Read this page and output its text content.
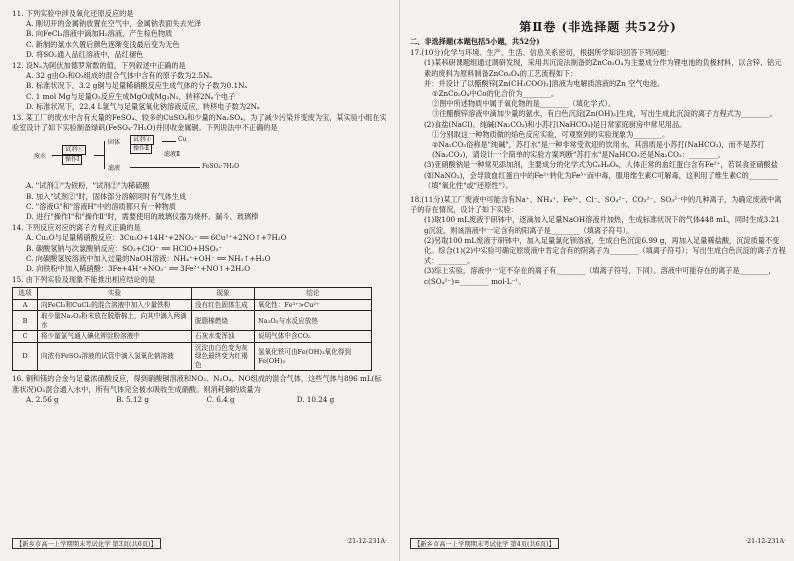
11. 下列实验中涉及氧化还原反应的是

A. 刚切开的金属钠放置在空气中，金属钠表面失去光泽

B. 向FeCl₃溶液中滴加H₂溶液，产生棕色物质

C. 新制的氯水久置后颜色逐渐变浅最后变为无色

D. 将SO₂通入品红溶液中，品红褪色

12. 设Nₐ为阿伏加德罗常数的值，下列叙述中正确的是

A. 32 g由O₂和O₃组成的混合气体中含有的原子数为2.5Nₐ

B. 标准状况下，3.2 g铜与足量稀硝酸反应生成气体的分子数为0.1Nₐ

C. 1 mol Mg与足量O₂反应生成MgO或Mg₃N₂，转移2Nₐ个电子

D. 标准状况下，22.4 L氯气与足量氢氧化钠溶液反应，转移电子数为2Nₐ

13. 某工厂的废水中含有大量的FeSO₄、较多的CuSO₄和少量的Na₂SO₄。为了减少污染并变废为宝，某实验小组在实验室设计了如下实验制备绿矾(FeSO₄·7H₂O)并回收金属铜。下列说法中不正确的是

废水
试剂①
操作Ⅰ
固体
滤液
试剂②
操作Ⅱ
Cu
滤液Ⅱ
FeSO₄·7H₂O

A. "试剂①"为铁粉，"试剂②"为稀硫酸

B. 加入"试剂②"时，固体部分溶解同时有气体生成

C. "溶液G"和"溶液H"中的溶质都只有一种物质

D. 进行"操作Ⅰ"和"操作Ⅱ"时，需要使用的玻璃仪器为烧杯、漏斗、玻璃棒

14. 下列反应对应的离子方程式正确的是

A. Cu₂O与足量稀硝酸反应：3Cu₂O+14H⁺+2NO₃⁻ ══ 6Cu²⁺+2NO↑+7H₂O

B. 碳酸氢钠与次氯酸钠反应：SO₂+ClO⁻ ══ HClO+HSO₃⁻

C. 向碳酸氢铵溶液中加入过量的NaOH溶液：NH₄⁺+OH⁻ ══ NH₃↑+H₂O

D. 向铁粉中加入稀硝酸：3Fe+4H⁺+NO₃⁻ ══ 3Fe²⁺+NO↑+2H₂O

15. 由下列实验及现象不能推出相应结论的是

选项	实验	现象	结论
A	向FeCl₃和CuCl₂的混合溶液中加入少量铁粉	没有红色固体生成	氧化性：Fe³⁺>Cu²⁺
B	取少量Na₂O₂粉末放在脱脂棉上，向其中滴入两滴水	脱脂棉燃烧	Na₂O₂与水反应放热
C	将少量氯气通入碘化钾淀粉溶液中	石灰水变浑浊	说明气体中含CO₂
D	向浓有FeSO₄溶液的试管中滴入氢氧化钠溶液	沉淀由白色变为灰绿色最终变为红褐色	氢氧化铁可由Fe(OH)₂氧化得到Fe(OH)₃

16. 铜和镁的合金与足量浓硝酸反应，得到硝酸铜溶液和NO₂、N₂O₄、NO组成的混合气体，这些气体与896 mL(标准状况)O₂混合通入水中，所有气体完全被水吸收生成硝酸。则消耗铜的质量为

A. 2.56 g	B. 5.12 g	C. 6.4 g	D. 10.24 g
【新乡市高一上学期期末考试化学 第3页(共6页)】	·21-12-231A·
第Ⅱ卷 (非选择题 共52分)

二、非选择题(本题包括5小题，共52分)

17.(10分)化学与环境、生产、生活、信息关系密切，根据所学知识回答下列问题：

(1)某科研课题组通过调研发现，采用共沉淀法制备的ZnCo₂O₄为主要成分作为锂电池的负极材料，以含锌、钴元素的废料为原料制备ZnCo₂O₄的工艺流程如下：

并：并设计了以醋酸锌[Zn(CH₃COO)₂]溶液为电解质溶液的Zn 空气电池。

①ZnCo₂O₄中Co的化合价为________。

②图中所述物质中属于氧化物的是________（填化学式）。

③往醋酸锌溶液中滴加少量的氨水，有白色沉淀[Zn(OH)₂]生成，写出生成此沉淀的离子方程式为________。

(2)食盐(NaCl)、纯碱(Na₂CO₃)和小苏打(NaHCO₃)是日常家庭厨房中常见用品。

①分别取这一种物质做的焰色反应实验，可观察到的实验现象为________。

②Na₂CO₃俗称是"纯碱"，苏打水"是一种非常受欢迎的饮用水，其溶质是小苏打(NaHCO₃)，而不是苏打(Na₂CO₃)，请设计一个简单的实验方案判断"苏打水"是NaHCO₃还是Na₂CO₃：________。

(3)亚硝酸钠是一种常见添加剂，主要成分的化学式为C₆H₈O₆，人体正常的血红蛋白含有Fe²⁺，若误食亚硝酸盐(如NaNO₂)，会导致血红蛋白中的Fe²⁺转化为Fe³⁺而中毒，服用维生素C可解毒，这利用了维生素C的________（填"氧化性"或"还原性"）。

18.(11分)某工厂废液中可能含有Na⁺、NH₄⁺、Fe³⁺、Cl⁻、SO₄²⁻、CO₃²⁻、SO₃²⁻中的几种离子，为确定废液中离子的存在情况，设计了如下实验：

(1)取100 mL废液于研钵中，逐滴加入足量NaOH溶液并加热，生成标准状况下的气体448 mL，同时生成3.21 g沉淀，则该溶液中一定含有的阳离子是________（填离子符号）。

(2)另取100 mL废液于研钵中，加入足量氯化钡溶液，生成白色沉淀6.99 g，再加入足量稀盐酸，沉淀质量不变化。综合(1)(2)中实验可确定原废液中肯定含有的阴离子为________（填离子符号）；写出生成白色沉淀的离子方程式：________。

(3)综上实验，溶液中一定不存在的离子有________（填离子符号，下同）。溶液中可能存在的离子是________，c(SO₄²⁻)=________ mol·L⁻¹。

【新乡市高一上学期期末考试化学 第4页(共6页)】	·21-12-231A·
